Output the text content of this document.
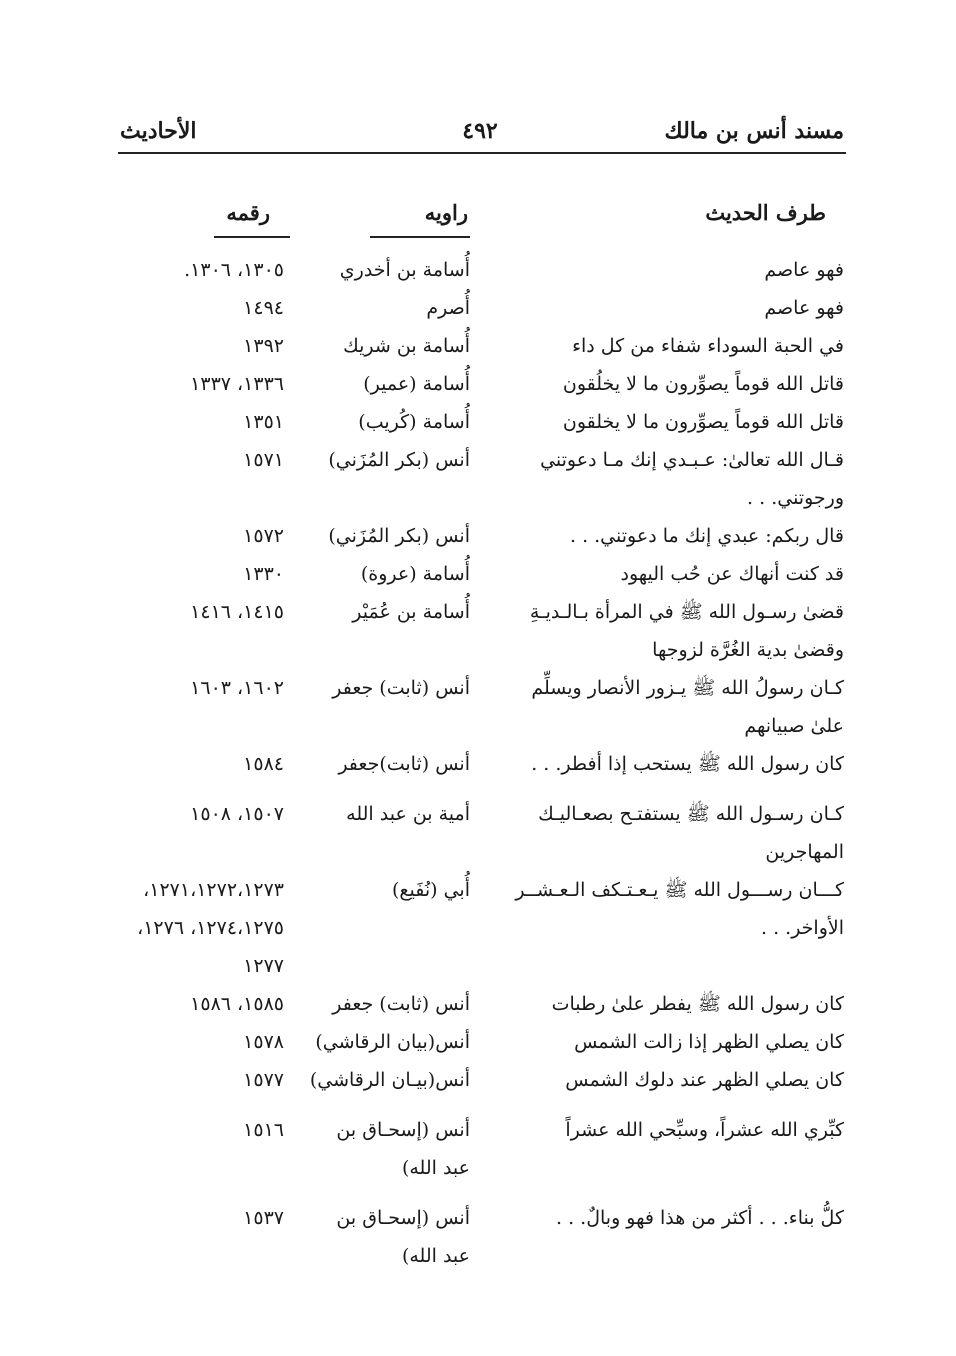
مسند أنس بن مالك
٤٩٢
الأحاديث
طرف الحديث
راويه
رقمه
فهو عاصم
أُسامة بن أخدري
١٣٠٥، ١٣٠٦.
فهو عاصم
أُصرم
١٤٩٤
في الحبة السوداء شفاء من كل داء
أُسامة بن شريك
١٣٩٢
قاتل الله قوماً يصوِّرون ما لا يخلُقون
أُسامة (عمير)
١٣٣٦، ١٣٣٧
قاتل الله قوماً يصوِّرون ما لا يخلقون
أُسامة (كُريب)
١٣٥١
قـال الله تعالىٰ: عـبـدي إنك مـا دعوتني
أنس (بكر المُزَني)
١٥٧١
ورجوتني. . .
قال ربكم: عبدي إنك ما دعوتني. . .
أنس (بكر المُزَني)
١٥٧٢
قد كنت أنهاك عن حُب اليهود
أُسامة (عروة)
١٣٣٠
قضىٰ رسـول الله ﷺ في المرأة بـالـديـةِ
أُسامة بن عُمَيْر
١٤١٥، ١٤١٦
وقضىٰ بدية الغُرَّة لزوجها
كـان رسولُ الله ﷺ يـزور الأنصار ويسلِّم
أنس (ثابت) جعفر
١٦٠٢، ١٦٠٣
علىٰ صبيانهم
كان رسول الله ﷺ يستحب إذا أفطر. . .
أنس (ثابت)جعفر
١٥٨٤
كـان رسـول الله ﷺ يستفتـح بصعـاليـك
أمية بن عبد الله
١٥٠٧، ١٥٠٨
المهاجرين
كـــان رســـول الله ﷺ يـعـتـكف الـعـشــر
أُبي (نُفَيع)
١٢٧١،١٢٧٢،١٢٧٣،
الأواخر. . .
١٢٧٤،١٢٧٥، ١٢٧٦،
١٢٧٧
كان رسول الله ﷺ يفطر علىٰ رطبات
أنس (ثابت) جعفر
١٥٨٥، ١٥٨٦
كان يصلي الظهر إذا زالت الشمس
أنس(بيان الرقاشي)
١٥٧٨
كان يصلي الظهر عند دلوك الشمس
أنس(بيـان الرقاشي)
١٥٧٧
كبِّري الله عشراً، وسبِّحي الله عشراً
أنس (إسحـاق بن
١٥١٦
عبد الله)
كلُّ بناء. . . أكثر من هذا فهو وبالٌ. . .
أنس (إسحـاق بن
١٥٣٧
عبد الله)
